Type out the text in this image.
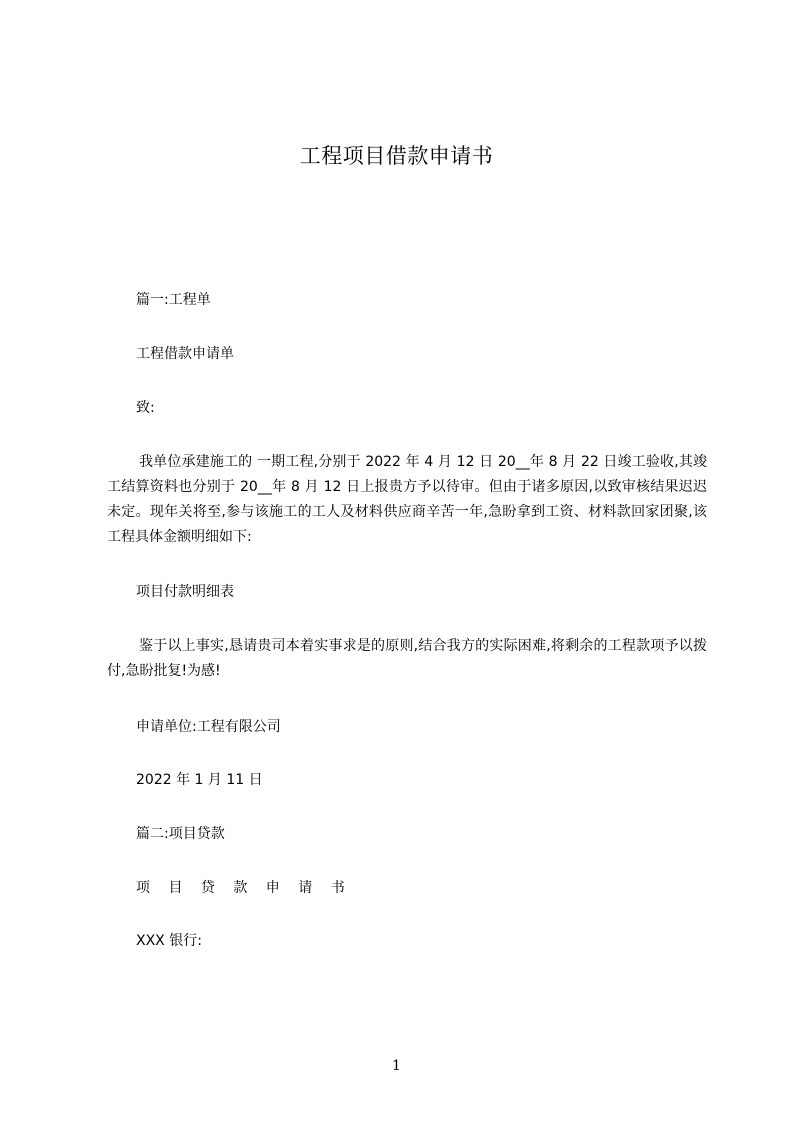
工程项目借款申请书
篇一:工程单
工程借款申请单
致:

我单位承建施工的 一期工程,分别于 2022 年 4 月 12 日 20__年 8 月 22 日竣工验收,其竣工结算资料也分别于 20__年 8 月 12 日上报贵方予以待审。但由于诸多原因,以致审核结果迟迟未定。现年关将至,参与该施工的工人及材料供应商辛苦一年,急盼拿到工资、材料款回家团聚,该工程具体金额明细如下:

项目付款明细表

鉴于以上事实,恳请贵司本着实事求是的原则,结合我方的实际困难,将剩余的工程款项予以拨付,急盼批复!为感!

申请单位:工程有限公司
2022 年 1 月 11 日
篇二:项目贷款
项 目 贷 款 申 请 书
XXX 银行:
1
